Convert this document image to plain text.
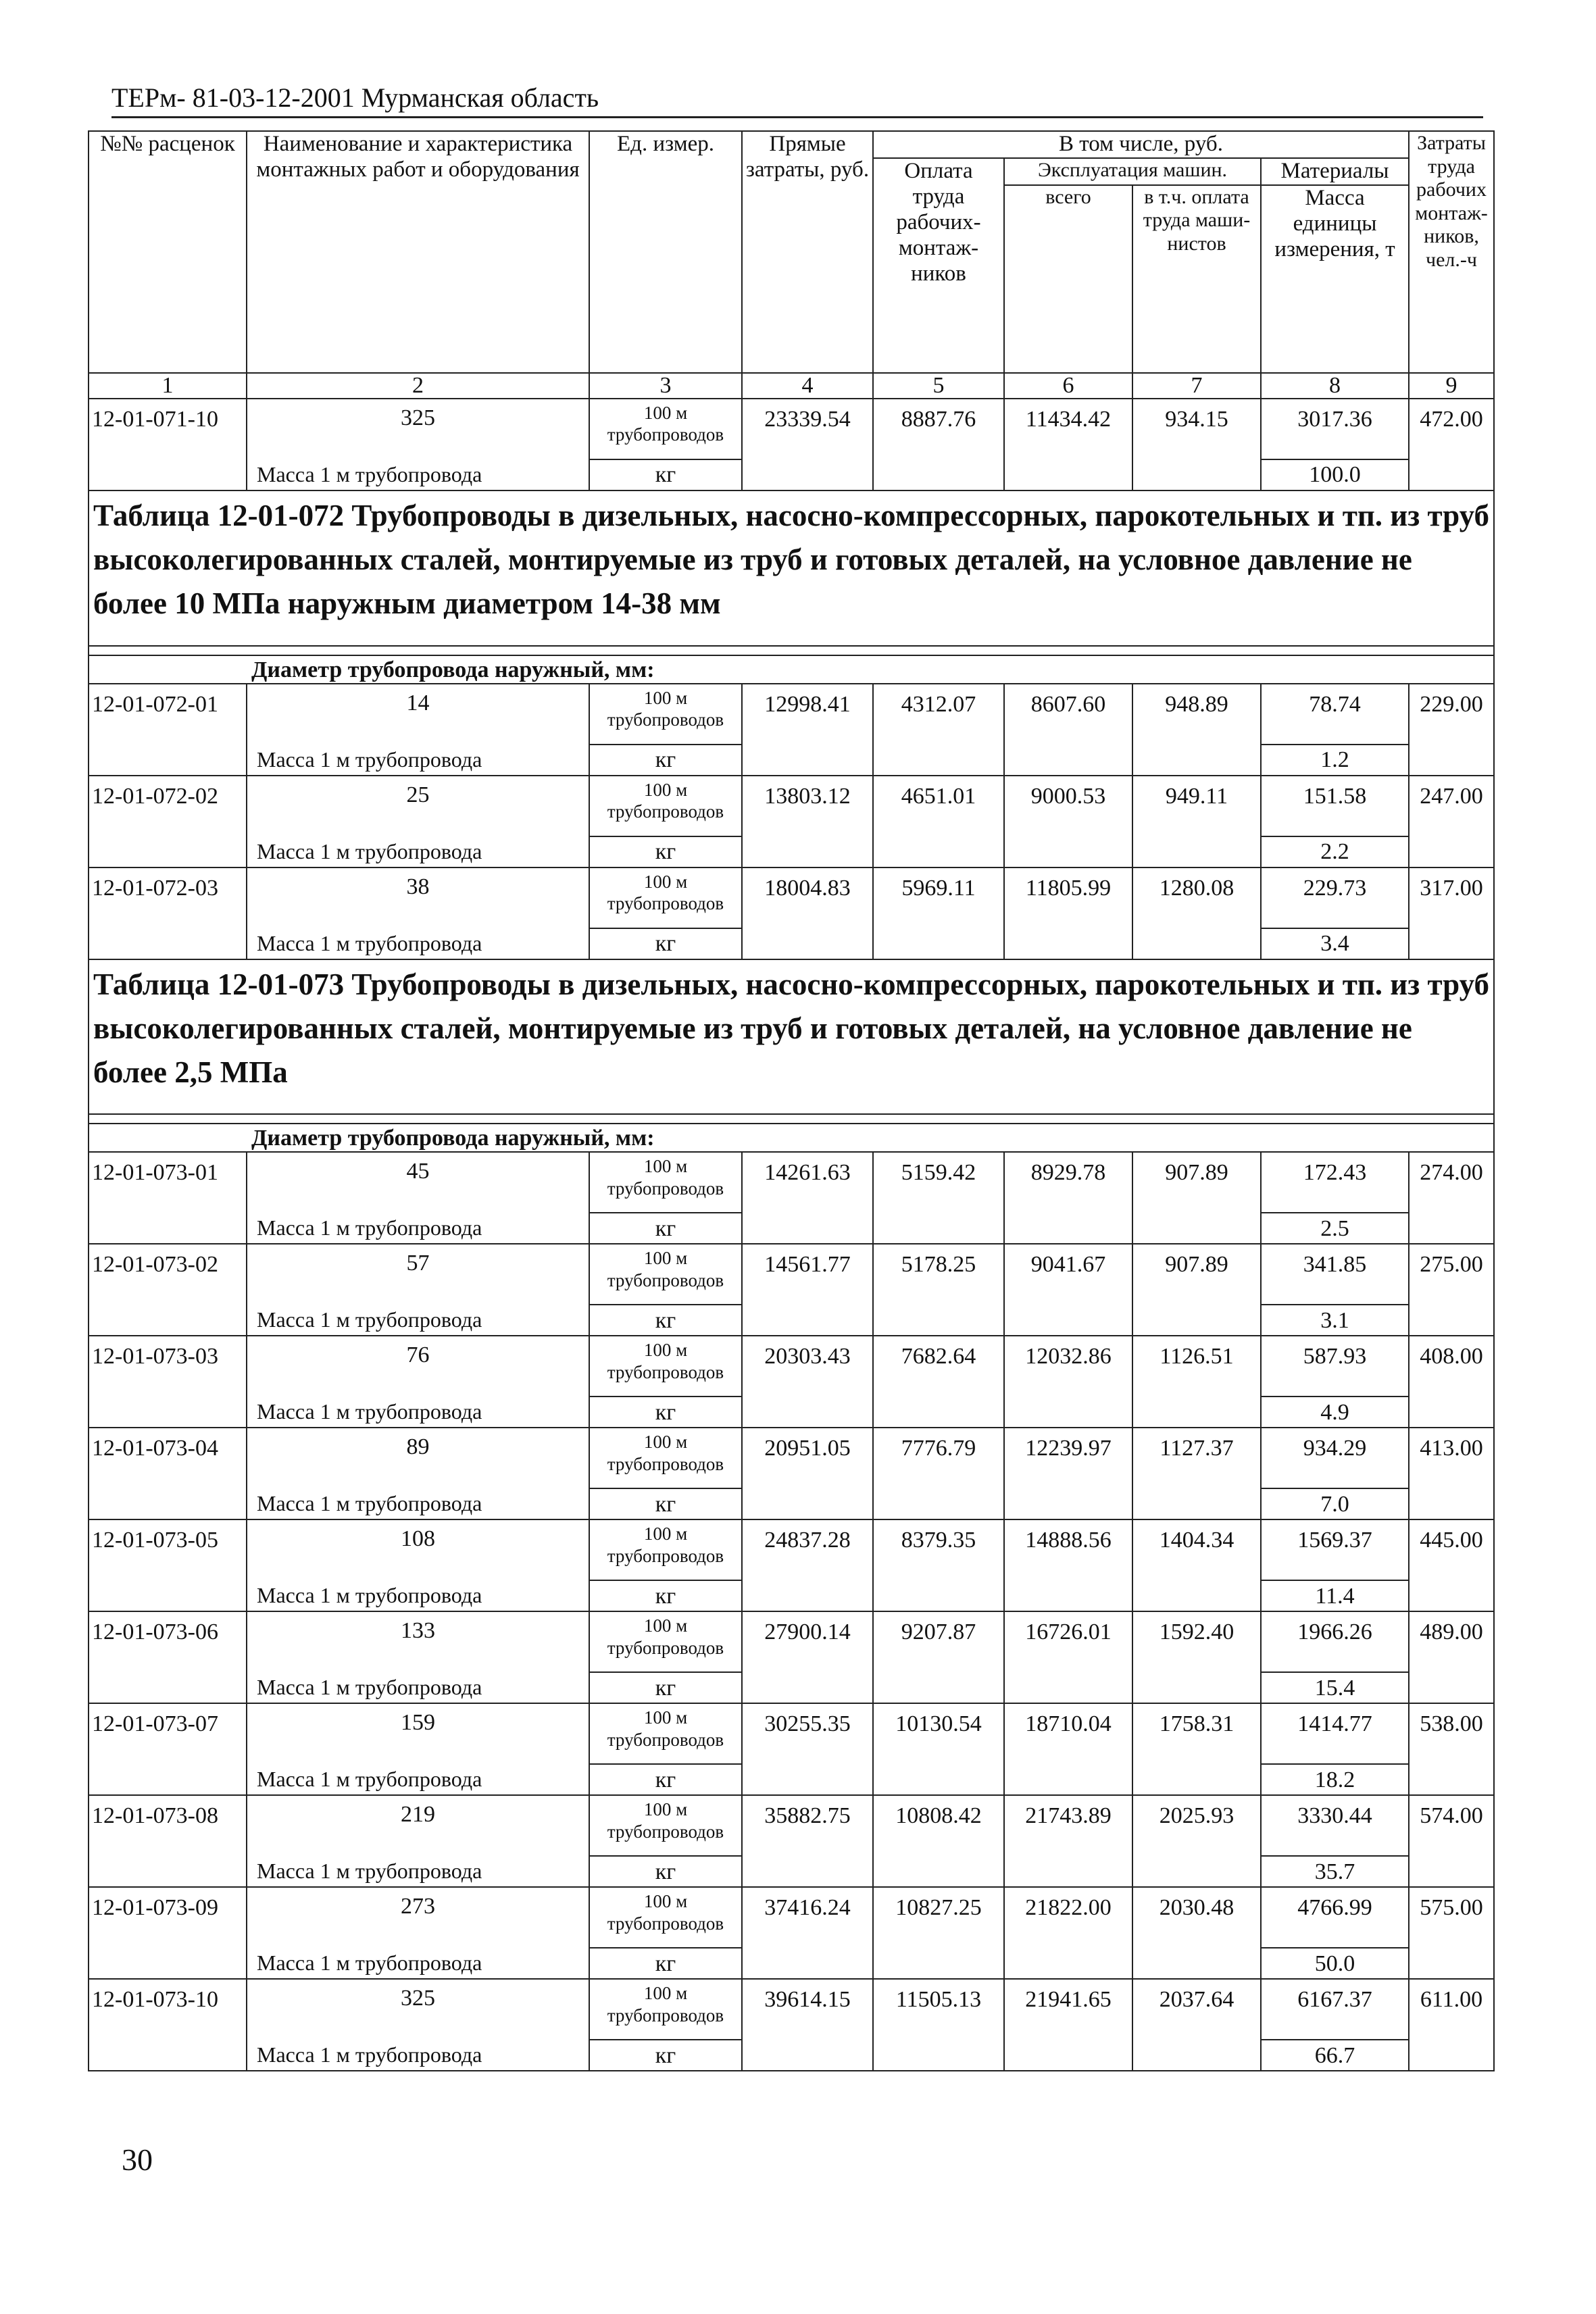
ТЕРм- 81-03-12-2001 Мурманская область
№№ расценок	Наименование и характеристика монтажных работ и оборудования	Ед. измер.	Прямые затраты, руб.	В том числе, руб.				Затраты труда рабочих монтаж-ников, чел.-ч
				Оплата труда рабочих-монтаж-ников	Эксплуатация машин.		Материалы	
					всего	в т.ч. оплата труда маши-нистов	Масса единицы измерения, т	
1	2	3	4	5	6	7	8	9
12-01-071-10	325	100 м трубопроводов	23339.54	8887.76	11434.42	934.15	3017.36	472.00
	Масса 1 м трубопровода	кг					100.0	
Таблица 12-01-072 Трубопроводы в дизельных, насосно-компрессорных, парокотельных и тп. из труб высоколегированных сталей, монтируемые из труб и готовых деталей, на условное давление не более 10 МПа наружным диаметром 14-38 мм								

Диаметр трубопровода наружный, мм:								
12-01-072-01	14	100 м трубопроводов	12998.41	4312.07	8607.60	948.89	78.74	229.00
	Масса 1 м трубопровода	кг					1.2	
12-01-072-02	25	100 м трубопроводов	13803.12	4651.01	9000.53	949.11	151.58	247.00
	Масса 1 м трубопровода	кг					2.2	
12-01-072-03	38	100 м трубопроводов	18004.83	5969.11	11805.99	1280.08	229.73	317.00
	Масса 1 м трубопровода	кг					3.4	
Таблица 12-01-073 Трубопроводы в дизельных, насосно-компрессорных, парокотельных и тп. из труб высоколегированных сталей, монтируемые из труб и готовых деталей, на условное давление не более 2,5 МПа								

Диаметр трубопровода наружный, мм:								
12-01-073-01	45	100 м трубопроводов	14261.63	5159.42	8929.78	907.89	172.43	274.00
	Масса 1 м трубопровода	кг					2.5	
12-01-073-02	57	100 м трубопроводов	14561.77	5178.25	9041.67	907.89	341.85	275.00
	Масса 1 м трубопровода	кг					3.1	
12-01-073-03	76	100 м трубопроводов	20303.43	7682.64	12032.86	1126.51	587.93	408.00
	Масса 1 м трубопровода	кг					4.9	
12-01-073-04	89	100 м трубопроводов	20951.05	7776.79	12239.97	1127.37	934.29	413.00
	Масса 1 м трубопровода	кг					7.0	
12-01-073-05	108	100 м трубопроводов	24837.28	8379.35	14888.56	1404.34	1569.37	445.00
	Масса 1 м трубопровода	кг					11.4	
12-01-073-06	133	100 м трубопроводов	27900.14	9207.87	16726.01	1592.40	1966.26	489.00
	Масса 1 м трубопровода	кг					15.4	
12-01-073-07	159	100 м трубопроводов	30255.35	10130.54	18710.04	1758.31	1414.77	538.00
	Масса 1 м трубопровода	кг					18.2	
12-01-073-08	219	100 м трубопроводов	35882.75	10808.42	21743.89	2025.93	3330.44	574.00
	Масса 1 м трубопровода	кг					35.7	
12-01-073-09	273	100 м трубопроводов	37416.24	10827.25	21822.00	2030.48	4766.99	575.00
	Масса 1 м трубопровода	кг					50.0	
12-01-073-10	325	100 м трубопроводов	39614.15	11505.13	21941.65	2037.64	6167.37	611.00
	Масса 1 м трубопровода	кг					66.7	
30
